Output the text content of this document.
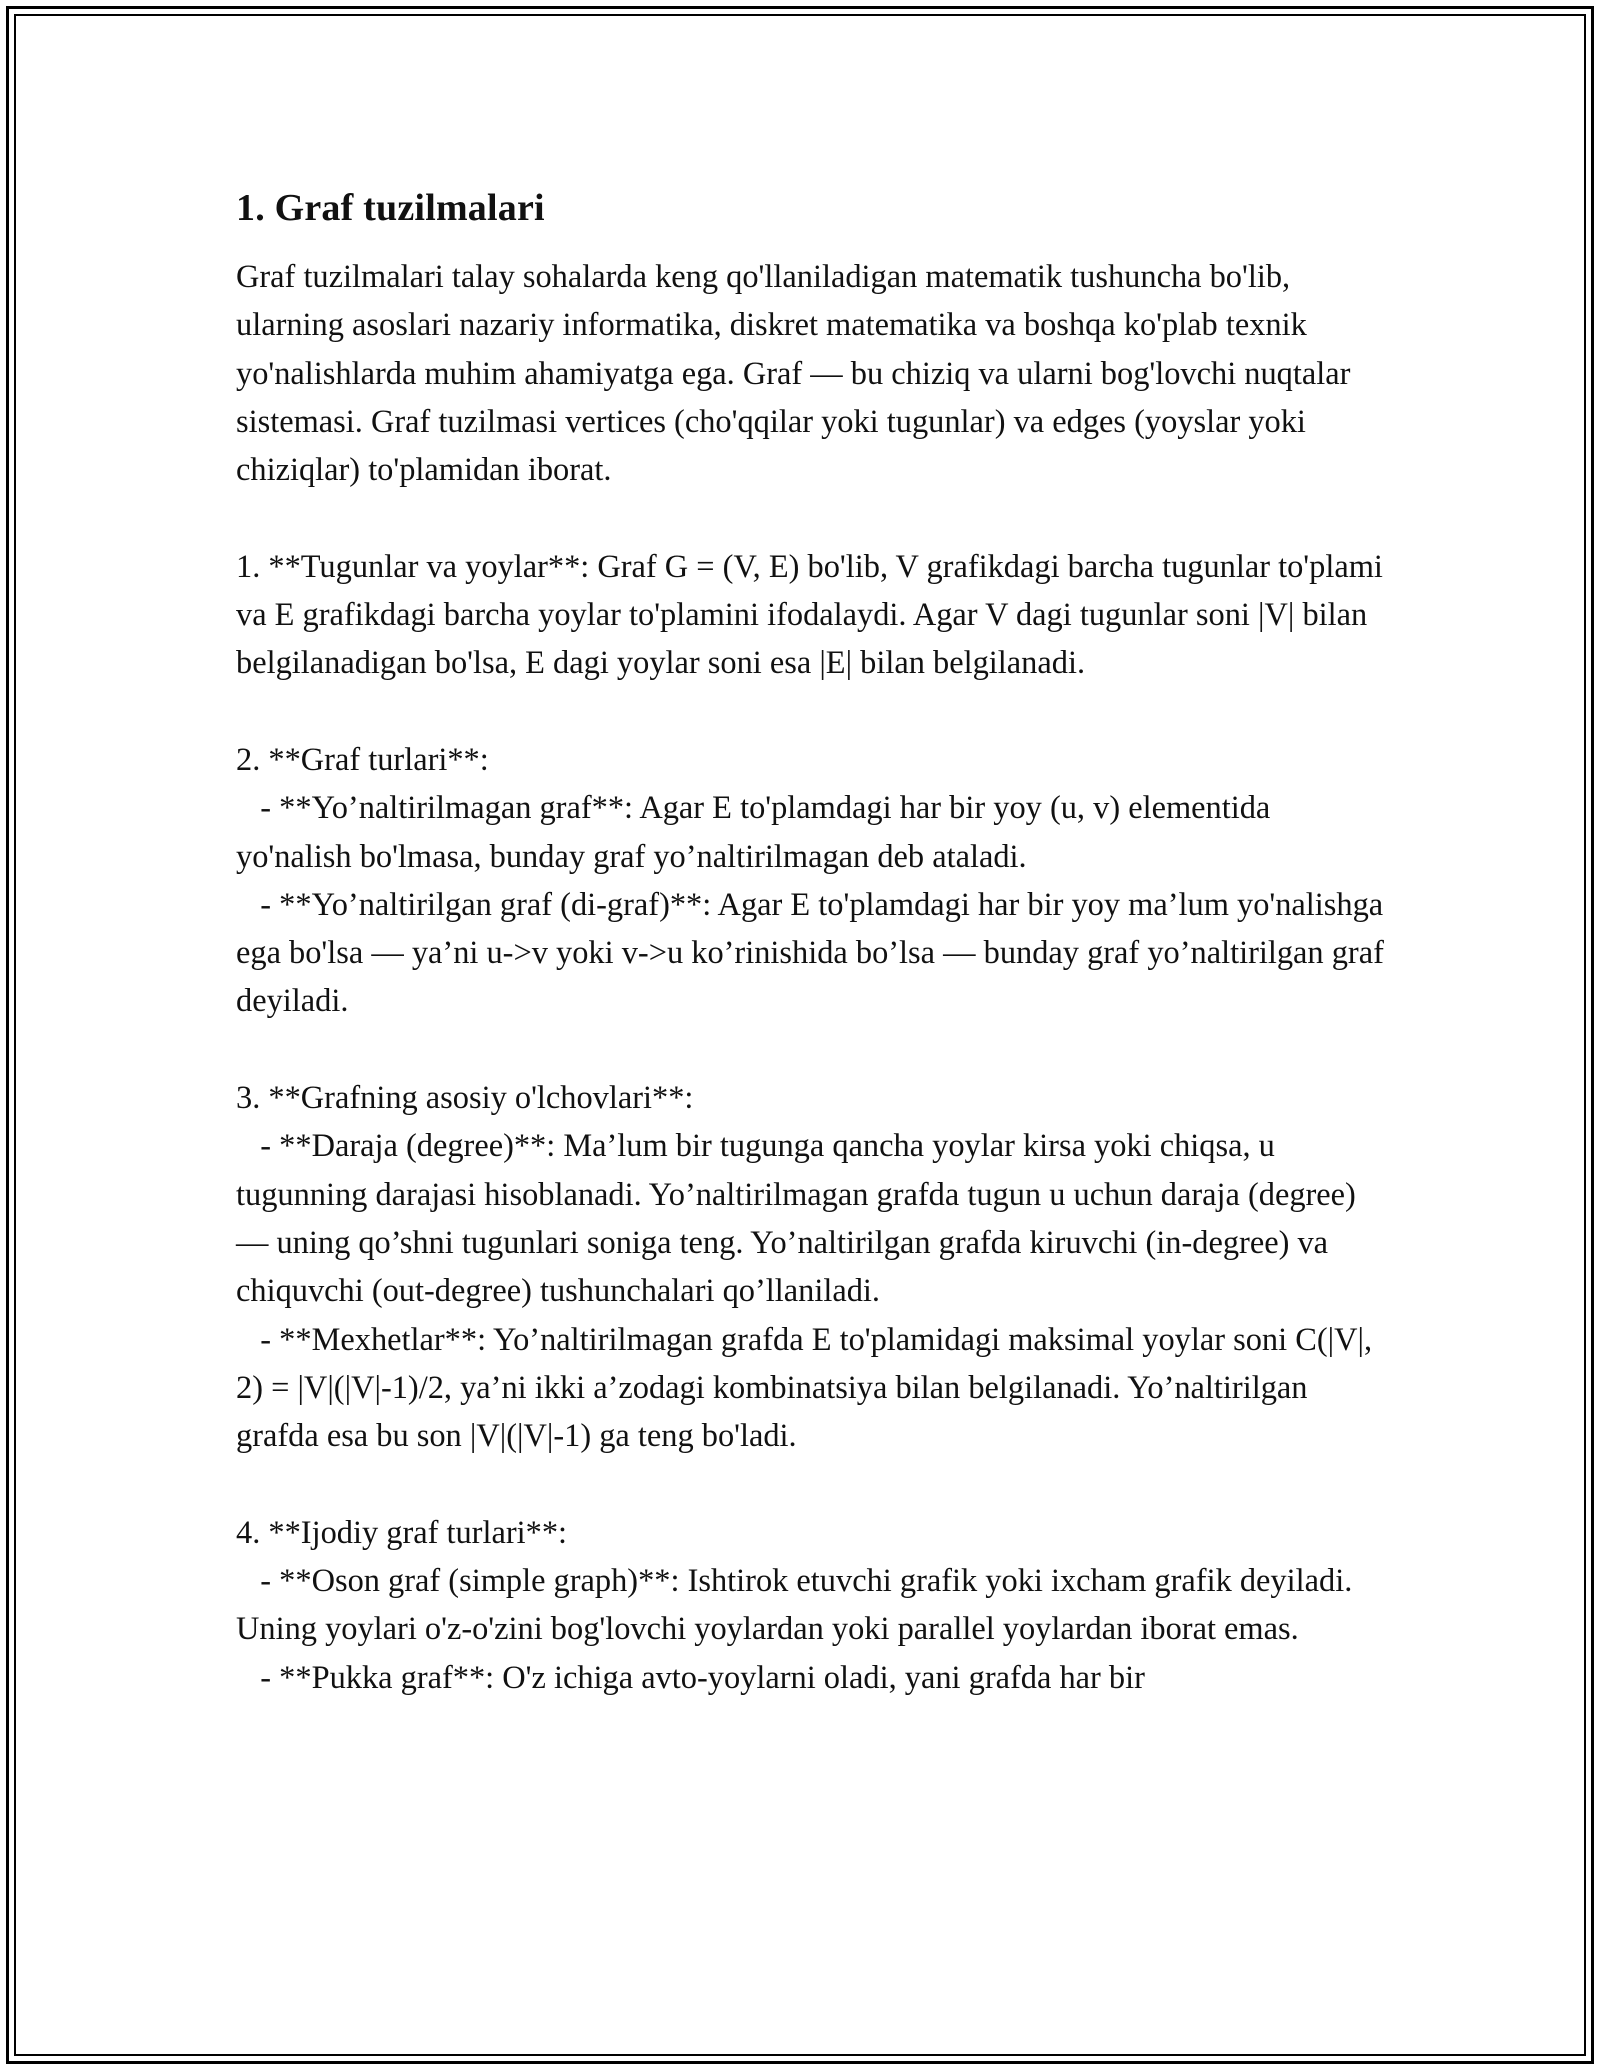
1. Graf tuzilmalari

Graf tuzilmalari talay sohalarda keng qo'llaniladigan matematik tushuncha bo'lib, ularning asoslari nazariy informatika, diskret matematika va boshqa ko'plab texnik yo'nalishlarda muhim ahamiyatga ega. Graf — bu chiziq va ularni bog'lovchi nuqtalar sistemasi. Graf tuzilmasi vertices (cho'qqilar yoki tugunlar) va edges (yoyslar yoki chiziqlar) to'plamidan iborat.

1. **Tugunlar va yoylar**: Graf G = (V, E) bo'lib, V grafikdagi barcha tugunlar to'plami va E grafikdagi barcha yoylar to'plamini ifodalaydi. Agar V dagi tugunlar soni |V| bilan belgilanadigan bo'lsa, E dagi yoylar soni esa |E| bilan belgilanadi.

2. **Graf turlari**:
- **Yo’naltirilmagan graf**: Agar E to'plamdagi har bir yoy (u, v) elementida yo'nalish bo'lmasa, bunday graf yo’naltirilmagan deb ataladi.
- **Yo’naltirilgan graf (di-graf)**: Agar E to'plamdagi har bir yoy ma’lum yo'nalishga ega bo'lsa — ya’ni u->v yoki v->u ko’rinishida bo’lsa — bunday graf yo’naltirilgan graf deyiladi.

3. **Grafning asosiy o'lchovlari**:
- **Daraja (degree)**: Ma’lum bir tugunga qancha yoylar kirsa yoki chiqsa, u tugunning darajasi hisoblanadi. Yo’naltirilmagan grafda tugun u uchun daraja (degree) — uning qo’shni tugunlari soniga teng. Yo’naltirilgan grafda kiruvchi (in-degree) va chiquvchi (out-degree) tushunchalari qo’llaniladi.
- **Mexhetlar**: Yo’naltirilmagan grafda E to'plamidagi maksimal yoylar soni C(|V|, 2) = |V|(|V|-1)/2, ya’ni ikki a’zodagi kombinatsiya bilan belgilanadi. Yo’naltirilgan grafda esa bu son |V|(|V|-1) ga teng bo'ladi.

4. **Ijodiy graf turlari**:
- **Oson graf (simple graph)**: Ishtirok etuvchi grafik yoki ixcham grafik deyiladi. Uning yoylari o'z-o'zini bog'lovchi yoylardan yoki parallel yoylardan iborat emas.
- **Pukka graf**: O'z ichiga avto-yoylarni oladi, yani grafda har bir
